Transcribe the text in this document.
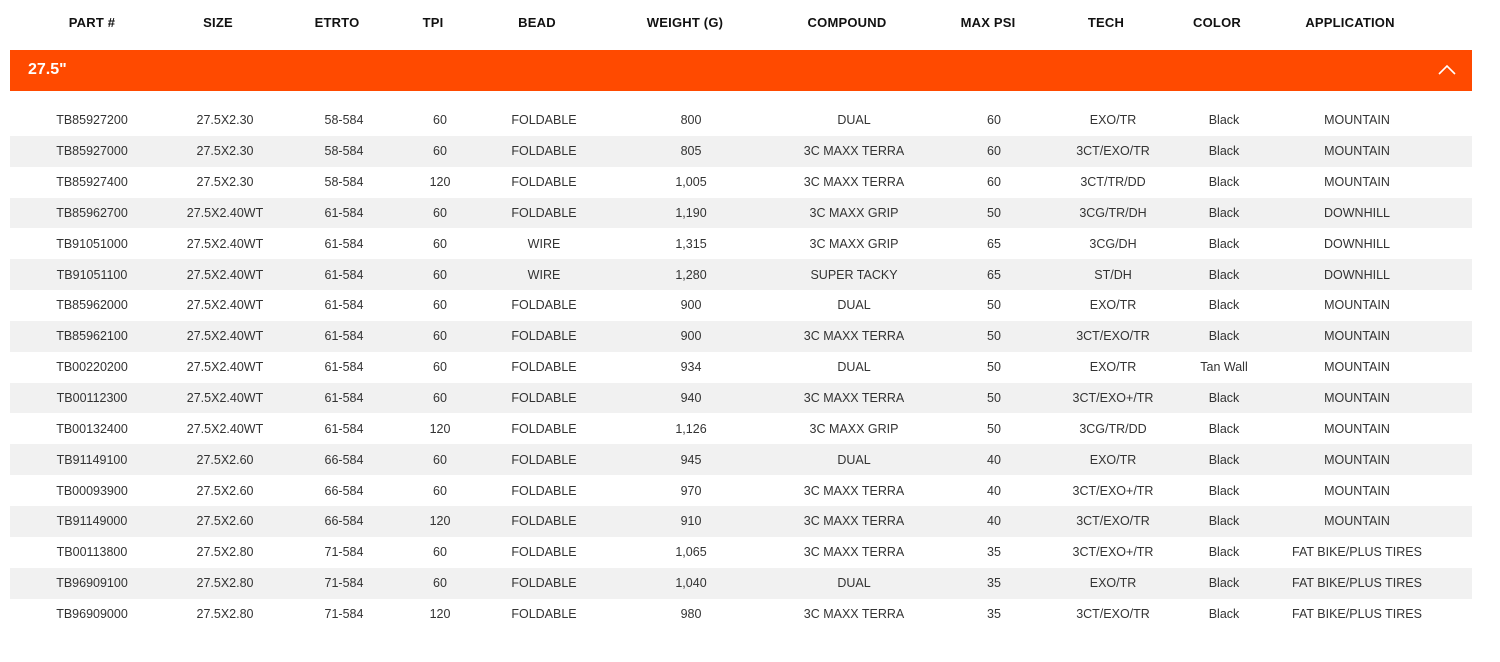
PART #	SIZE	ETRTO	TPI	BEAD	WEIGHT (G)	COMPOUND	MAX PSI	TECH	COLOR	APPLICATION
27.5"
TB85927200	27.5X2.30	58-584	60	FOLDABLE	800	DUAL	60	EXO/TR	Black	MOUNTAIN
TB85927000	27.5X2.30	58-584	60	FOLDABLE	805	3C MAXX TERRA	60	3CT/EXO/TR	Black	MOUNTAIN
TB85927400	27.5X2.30	58-584	120	FOLDABLE	1,005	3C MAXX TERRA	60	3CT/TR/DD	Black	MOUNTAIN
TB85962700	27.5X2.40WT	61-584	60	FOLDABLE	1,190	3C MAXX GRIP	50	3CG/TR/DH	Black	DOWNHILL
TB91051000	27.5X2.40WT	61-584	60	WIRE	1,315	3C MAXX GRIP	65	3CG/DH	Black	DOWNHILL
TB91051100	27.5X2.40WT	61-584	60	WIRE	1,280	SUPER TACKY	65	ST/DH	Black	DOWNHILL
TB85962000	27.5X2.40WT	61-584	60	FOLDABLE	900	DUAL	50	EXO/TR	Black	MOUNTAIN
TB85962100	27.5X2.40WT	61-584	60	FOLDABLE	900	3C MAXX TERRA	50	3CT/EXO/TR	Black	MOUNTAIN
TB00220200	27.5X2.40WT	61-584	60	FOLDABLE	934	DUAL	50	EXO/TR	Tan Wall	MOUNTAIN
TB00112300	27.5X2.40WT	61-584	60	FOLDABLE	940	3C MAXX TERRA	50	3CT/EXO+/TR	Black	MOUNTAIN
TB00132400	27.5X2.40WT	61-584	120	FOLDABLE	1,126	3C MAXX GRIP	50	3CG/TR/DD	Black	MOUNTAIN
TB91149100	27.5X2.60	66-584	60	FOLDABLE	945	DUAL	40	EXO/TR	Black	MOUNTAIN
TB00093900	27.5X2.60	66-584	60	FOLDABLE	970	3C MAXX TERRA	40	3CT/EXO+/TR	Black	MOUNTAIN
TB91149000	27.5X2.60	66-584	120	FOLDABLE	910	3C MAXX TERRA	40	3CT/EXO/TR	Black	MOUNTAIN
TB00113800	27.5X2.80	71-584	60	FOLDABLE	1,065	3C MAXX TERRA	35	3CT/EXO+/TR	Black	FAT BIKE/PLUS TIRES
TB96909100	27.5X2.80	71-584	60	FOLDABLE	1,040	DUAL	35	EXO/TR	Black	FAT BIKE/PLUS TIRES
TB96909000	27.5X2.80	71-584	120	FOLDABLE	980	3C MAXX TERRA	35	3CT/EXO/TR	Black	FAT BIKE/PLUS TIRES
